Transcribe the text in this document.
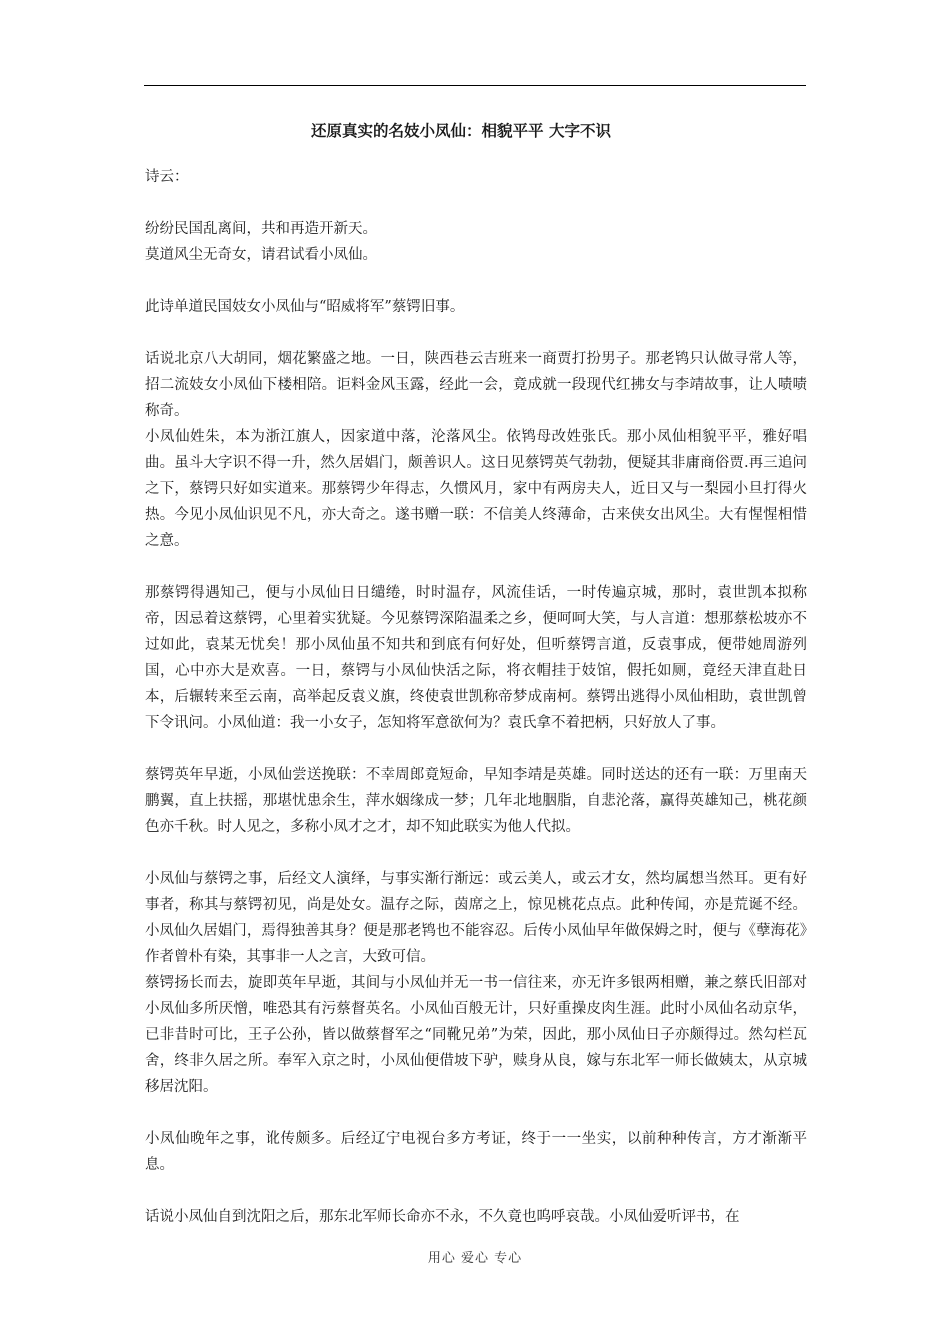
还原真实的名妓小凤仙：相貌平平 大字不识

诗云：

纷纷民国乱离间，共和再造开新天。

莫道风尘无奇女，请君试看小凤仙。

此诗单道民国妓女小凤仙与“昭威将军”蔡锷旧事。

话说北京八大胡同，烟花繁盛之地。一日，陕西巷云吉班来一商贾打扮男子。那老鸨只认做寻常人等，招二流妓女小凤仙下楼相陪。讵料金风玉露，经此一会，竟成就一段现代红拂女与李靖故事，让人啧啧称奇。

小凤仙姓朱，本为浙江旗人，因家道中落，沦落风尘。依鸨母改姓张氏。那小凤仙相貌平平，雅好唱曲。虽斗大字识不得一升，然久居娼门，颇善识人。这日见蔡锷英气勃勃，便疑其非庸商俗贾.再三追问之下，蔡锷只好如实道来。那蔡锷少年得志，久惯风月，家中有两房夫人，近日又与一梨园小旦打得火热。今见小凤仙识见不凡，亦大奇之。遂书赠一联：不信美人终薄命，古来侠女出风尘。大有惺惺相惜之意。

那蔡锷得遇知己，便与小凤仙日日缱绻，时时温存，风流佳话，一时传遍京城，那时，袁世凯本拟称帝，因忌着这蔡锷，心里着实犹疑。今见蔡锷深陷温柔之乡，便呵呵大笑，与人言道：想那蔡松坡亦不过如此，袁某无忧矣！那小凤仙虽不知共和到底有何好处，但听蔡锷言道，反袁事成，便带她周游列国，心中亦大是欢喜。一日，蔡锷与小凤仙快活之际，将衣帽挂于妓馆，假托如厕，竟经天津直赴日本，后辗转来至云南，高举起反袁义旗，终使袁世凯称帝梦成南柯。蔡锷出逃得小凤仙相助，袁世凯曾下令讯问。小凤仙道：我一小女子，怎知将军意欲何为？袁氏拿不着把柄，只好放人了事。

蔡锷英年早逝，小凤仙尝送挽联：不幸周郎竟短命，早知李靖是英雄。同时送达的还有一联：万里南天鹏翼，直上扶摇，那堪忧患余生，萍水姻缘成一梦；几年北地胭脂，自悲沦落，赢得英雄知己，桃花颜色亦千秋。时人见之，多称小凤才之才，却不知此联实为他人代拟。

小凤仙与蔡锷之事，后经文人演绎，与事实渐行渐远：或云美人，或云才女，然均属想当然耳。更有好事者，称其与蔡锷初见，尚是处女。温存之际，茵席之上，惊见桃花点点。此种传闻，亦是荒诞不经。小凤仙久居娼门，焉得独善其身？便是那老鸨也不能容忍。后传小凤仙早年做保姆之时，便与《孽海花》作者曾朴有染，其事非一人之言，大致可信。

蔡锷扬长而去，旋即英年早逝，其间与小凤仙并无一书一信往来，亦无许多银两相赠，兼之蔡氏旧部对小凤仙多所厌憎，唯恐其有污蔡督英名。小凤仙百般无计，只好重操皮肉生涯。此时小凤仙名动京华，已非昔时可比，王子公孙，皆以做蔡督军之“同靴兄弟”为荣，因此，那小凤仙日子亦颇得过。然勾栏瓦舍，终非久居之所。奉军入京之时，小凤仙便借坡下驴，赎身从良，嫁与东北军一师长做姨太，从京城移居沈阳。

小凤仙晚年之事，讹传颇多。后经辽宁电视台多方考证，终于一一坐实，以前种种传言，方才渐渐平息。

话说小凤仙自到沈阳之后，那东北军师长命亦不永，不久竟也呜呼哀哉。小凤仙爱听评书，在

用心 爱心 专心
